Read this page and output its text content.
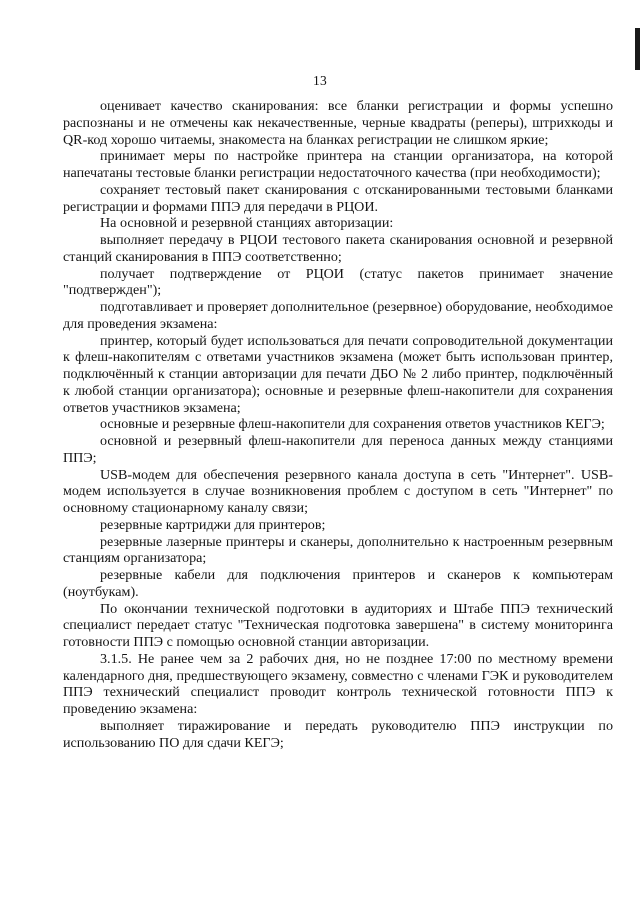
13

оценивает качество сканирования: все бланки регистрации и формы успешно распознаны и не отмечены как некачественные, черные квадраты (реперы), штрихкоды и QR-код хорошо читаемы, знакоместа на бланках регистрации не слишком яркие;

принимает меры по настройке принтера на станции организатора, на которой напечатаны тестовые бланки регистрации недостаточного качества (при необходимости);

сохраняет тестовый пакет сканирования с отсканированными тестовыми бланками регистрации и формами ППЭ для передачи в РЦОИ.

На основной и резервной станциях авторизации:

выполняет передачу в РЦОИ тестового пакета сканирования основной и резервной станций сканирования в ППЭ соответственно;

получает подтверждение от РЦОИ (статус пакетов принимает значение "подтвержден");

подготавливает и проверяет дополнительное (резервное) оборудование, необходимое для проведения экзамена:

принтер, который будет использоваться для печати сопроводительной документации к флеш-накопителям с ответами участников экзамена (может быть использован принтер, подключённый к станции авторизации для печати ДБО № 2 либо принтер, подключённый к любой станции организатора); основные и резервные флеш-накопители для сохранения ответов участников экзамена;

основные и резервные флеш-накопители для сохранения ответов участников КЕГЭ;

основной и резервный флеш-накопители для переноса данных между станциями ППЭ;

USB-модем для обеспечения резервного канала доступа в сеть "Интернет". USB-модем используется в случае возникновения проблем с доступом в сеть "Интернет" по основному стационарному каналу связи;

резервные картриджи для принтеров;

резервные лазерные принтеры и сканеры, дополнительно к настроенным резервным станциям организатора;

резервные кабели для подключения принтеров и сканеров к компьютерам (ноутбукам).

По окончании технической подготовки в аудиториях и Штабе ППЭ технический специалист передает статус "Техническая подготовка завершена" в систему мониторинга готовности ППЭ с помощью основной станции авторизации.

3.1.5. Не ранее чем за 2 рабочих дня, но не позднее 17:00 по местному времени календарного дня, предшествующего экзамену, совместно с членами ГЭК и руководителем ППЭ технический специалист проводит контроль технической готовности ППЭ к проведению экзамена:

выполняет тиражирование и передать руководителю ППЭ инструкции по использованию ПО для сдачи КЕГЭ;
